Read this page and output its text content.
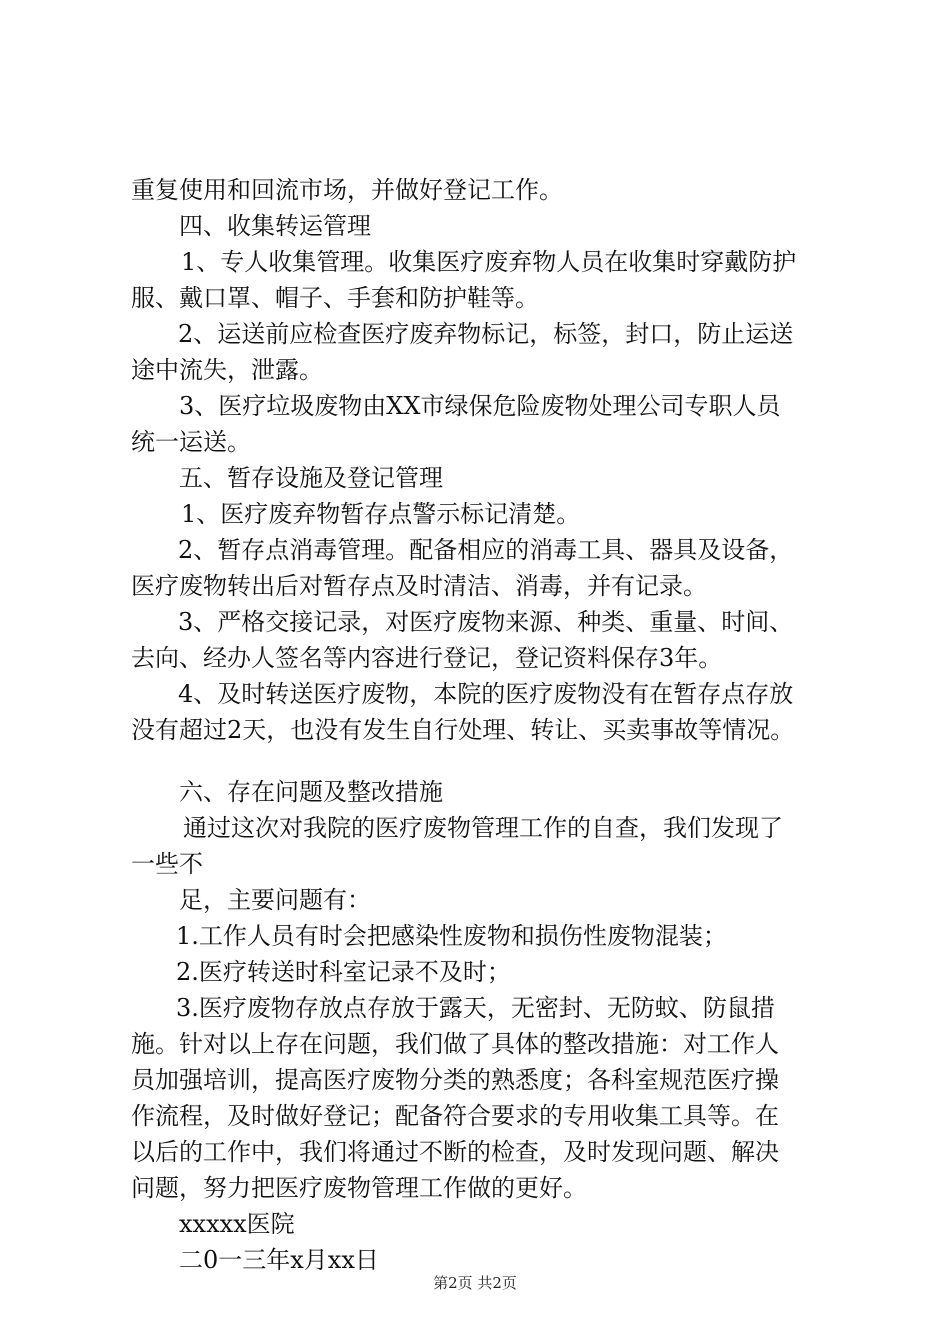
重复使用和回流市场，并做好登记工作。
四、收集转运管理
1、专人收集管理。收集医疗废弃物人员在收集时穿戴防护
服、戴口罩、帽子、手套和防护鞋等。
2、运送前应检查医疗废弃物标记，标签，封口，防止运送
途中流失，泄露。
3、医疗垃圾废物由XX市绿保危险废物处理公司专职人员
统一运送。
五、暂存设施及登记管理
1、医疗废弃物暂存点警示标记清楚。
2、暂存点消毒管理。配备相应的消毒工具、器具及设备，
医疗废物转出后对暂存点及时清洁、消毒，并有记录。
3、严格交接记录，对医疗废物来源、种类、重量、时间、
去向、经办人签名等内容进行登记，登记资料保存3年。
4、及时转送医疗废物，本院的医疗废物没有在暂存点存放
没有超过2天，也没有发生自行处理、转让、买卖事故等情况。
六、存在问题及整改措施
通过这次对我院的医疗废物管理工作的自查，我们发现了
一些不
足，主要问题有：
1.工作人员有时会把感染性废物和损伤性废物混装；
2.医疗转送时科室记录不及时；
3.医疗废物存放点存放于露天，无密封、无防蚊、防鼠措
施。针对以上存在问题，我们做了具体的整改措施：对工作人
员加强培训，提高医疗废物分类的熟悉度；各科室规范医疗操
作流程，及时做好登记；配备符合要求的专用收集工具等。在
以后的工作中，我们将通过不断的检查，及时发现问题、解决
问题，努力把医疗废物管理工作做的更好。
xxxxx医院
二0一三年x月xx日
第2页 共2页
